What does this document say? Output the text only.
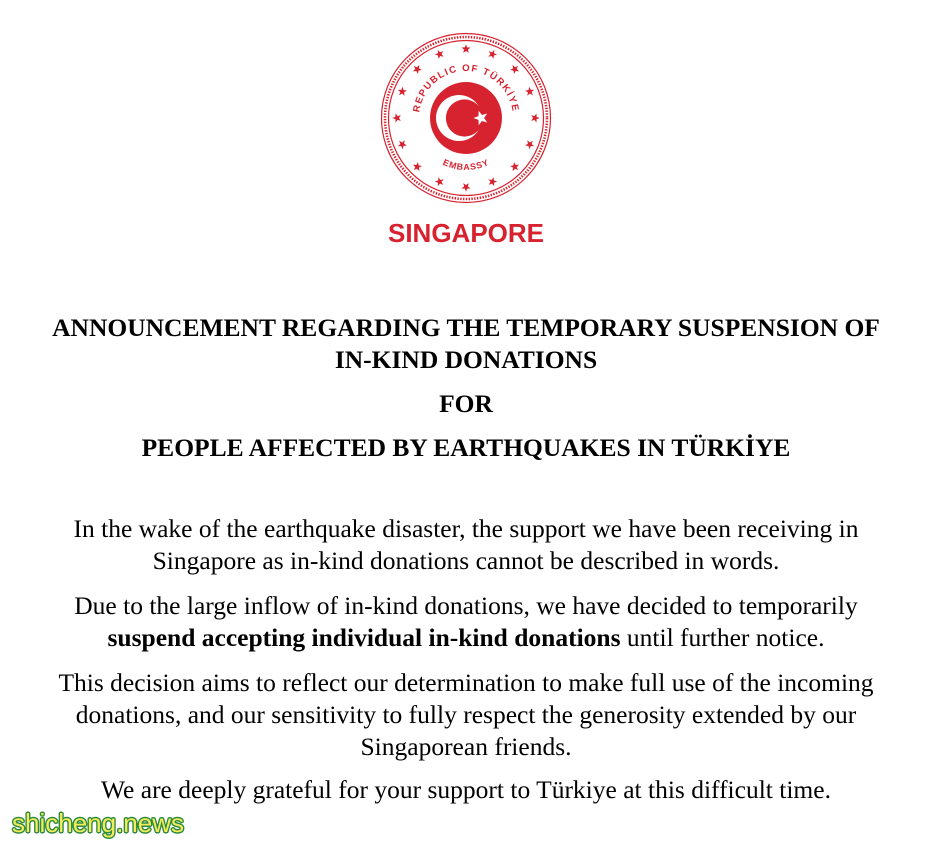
REPUBLIC OF TÜRKİYE
EMBASSY
SINGAPORE
ANNOUNCEMENT REGARDING THE TEMPORARY SUSPENSION OF
IN-KIND DONATIONS
FOR
PEOPLE AFFECTED BY EARTHQUAKES IN TÜRKİYE
In the wake of the earthquake disaster, the support we have been receiving in
Singapore as in-kind donations cannot be described in words.
Due to the large inflow of in-kind donations, we have decided to temporarily
suspend accepting individual in-kind donations until further notice.
This decision aims to reflect our determination to make full use of the incoming
donations, and our sensitivity to fully respect the generosity extended by our
Singaporean friends.
We are deeply grateful for your support to Türkiye at this difficult time.
shicheng.news
